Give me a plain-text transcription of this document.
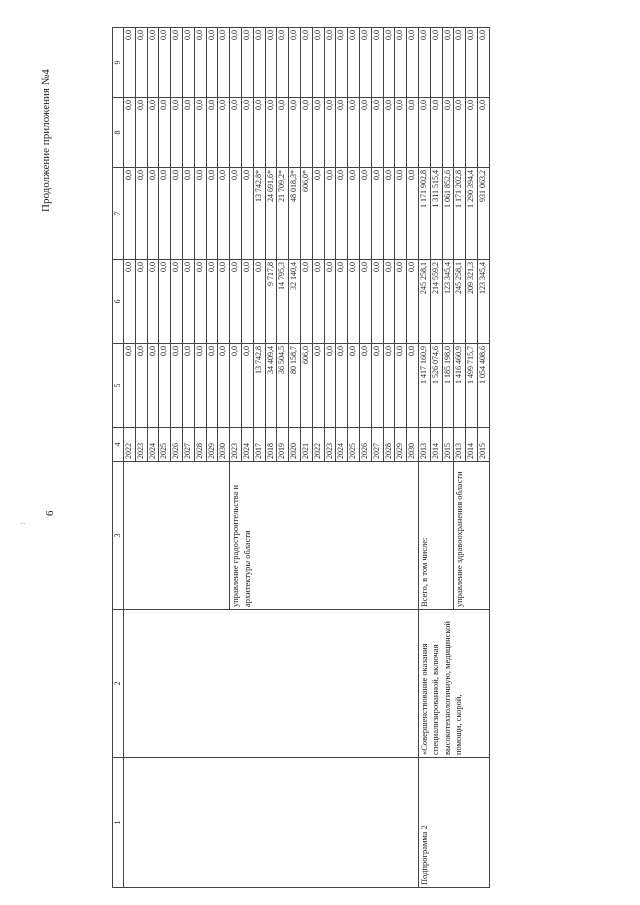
...
6
Продолжение приложения №4
1	2	3	4	5	6	7	8	9
			2022	0,0	0,0	0,0	0,0	0,0
			2023	0,0	0,0	0,0	0,0	0,0
			2024	0,0	0,0	0,0	0,0	0,0
			2025	0,0	0,0	0,0	0,0	0,0
			2026	0,0	0,0	0,0	0,0	0,0
			2027	0,0	0,0	0,0	0,0	0,0
			2028	0,0	0,0	0,0	0,0	0,0
			2029	0,0	0,0	0,0	0,0	0,0
			2030	0,0	0,0	0,0	0,0	0,0
		управление градостроительства и архитектуры области	2023	0,0	0,0	0,0	0,0	0,0
			2024	0,0	0,0	0,0	0,0	0,0
			2017	13 742,8	0,0	13 742,8*	0,0	0,0
			2018	34 409,4	9 717,8	24 691,6*	0,0	0,0
			2019	36 504,5	14 795,3	21 709,2*	0,0	0,0
			2020	80 158,7	32 140,4	48 018,3*	0,0	0,0
			2021	606,0	0,0	606,0*	0,0	0,0
			2022	0,0	0,0	0,0	0,0	0,0
			2023	0,0	0,0	0,0	0,0	0,0
			2024	0,0	0,0	0,0	0,0	0,0
			2025	0,0	0,0	0,0	0,0	0,0
			2026	0,0	0,0	0,0	0,0	0,0
			2027	0,0	0,0	0,0	0,0	0,0
			2028	0,0	0,0	0,0	0,0	0,0
			2029	0,0	0,0	0,0	0,0	0,0
			2030	0,0	0,0	0,0	0,0	0,0
Подпрограмма 2	«Совершенствование оказания специализированной, включая высокотехнологичную, медицинской помощи, скорой,	Всего, в том числе:	2013	1 417 160,9	245 258,1	1 171 902,8	0,0	0,0
			2014	1 526 074,6	214 559,2	1 311 515,4	0,0	0,0
			2015	1 185 198,0	123 345,4	1 061 852,6	0,0	0,0
		управление здравоохранения области	2013	1 416 460,9	245 258,1	1 171 202,8	0,0	0,0
			2014	1 499 715,7	209 321,3	1 290 394,4	0,0	0,0
			2015	1 054 408,6	123 345,4	931 063,2	0,0	0,0
